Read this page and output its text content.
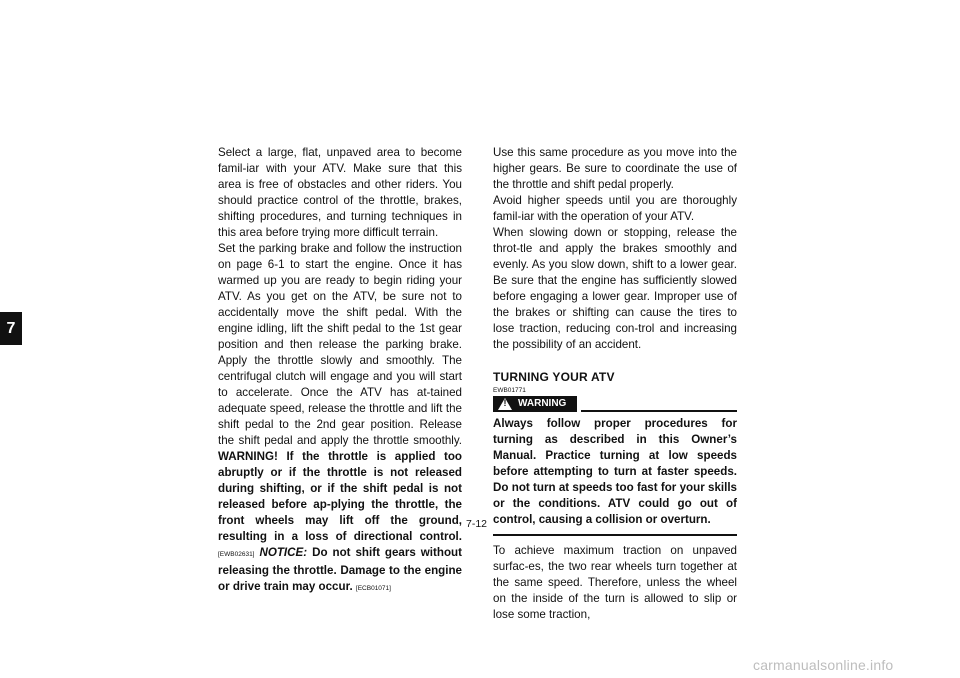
7

Select a large, flat, unpaved area to become famil-iar with your ATV. Make sure that this area is free of obstacles and other riders. You should practice control of the throttle, brakes, shifting procedures, and turning techniques in this area before trying more difficult terrain.

Set the parking brake and follow the instruction on page 6-1 to start the engine. Once it has warmed up you are ready to begin riding your ATV. As you get on the ATV, be sure not to accidentally move the shift pedal. With the engine idling, lift the shift pedal to the 1st gear position and then release the parking brake. Apply the throttle slowly and smoothly. The centrifugal clutch will engage and you will start to accelerate. Once the ATV has at-tained adequate speed, release the throttle and lift the shift pedal to the 2nd gear position. Release the shift pedal and apply the throttle smoothly. WARNING! If the throttle is applied too abruptly or if the throttle is not released during shifting, or if the shift pedal is not released before ap-plying the throttle, the front wheels may lift off the ground, resulting in a loss of directional control. [EWB02631] NOTICE: Do not shift gears without releasing the throttle. Damage to the engine or drive train may occur. [ECB01071]

Use this same procedure as you move into the higher gears. Be sure to coordinate the use of the throttle and shift pedal properly.

Avoid higher speeds until you are thoroughly famil-iar with the operation of your ATV.

When slowing down or stopping, release the throt-tle and apply the brakes smoothly and evenly. As you slow down, shift to a lower gear. Be sure that the engine has sufficiently slowed before engaging a lower gear. Improper use of the brakes or shifting can cause the tires to lose traction, reducing con-trol and increasing the possibility of an accident.

TURNING YOUR ATV

EWB01771

! WARNING

Always follow proper procedures for turning as described in this Owner’s Manual. Practice turning at low speeds before attempting to turn at faster speeds. Do not turn at speeds too fast for your skills or the conditions. ATV could go out of control, causing a collision or overturn.

To achieve maximum traction on unpaved surfac-es, the two rear wheels turn together at the same speed. Therefore, unless the wheel on the inside of the turn is allowed to slip or lose some traction,

7-12
carmanualsonline.info
